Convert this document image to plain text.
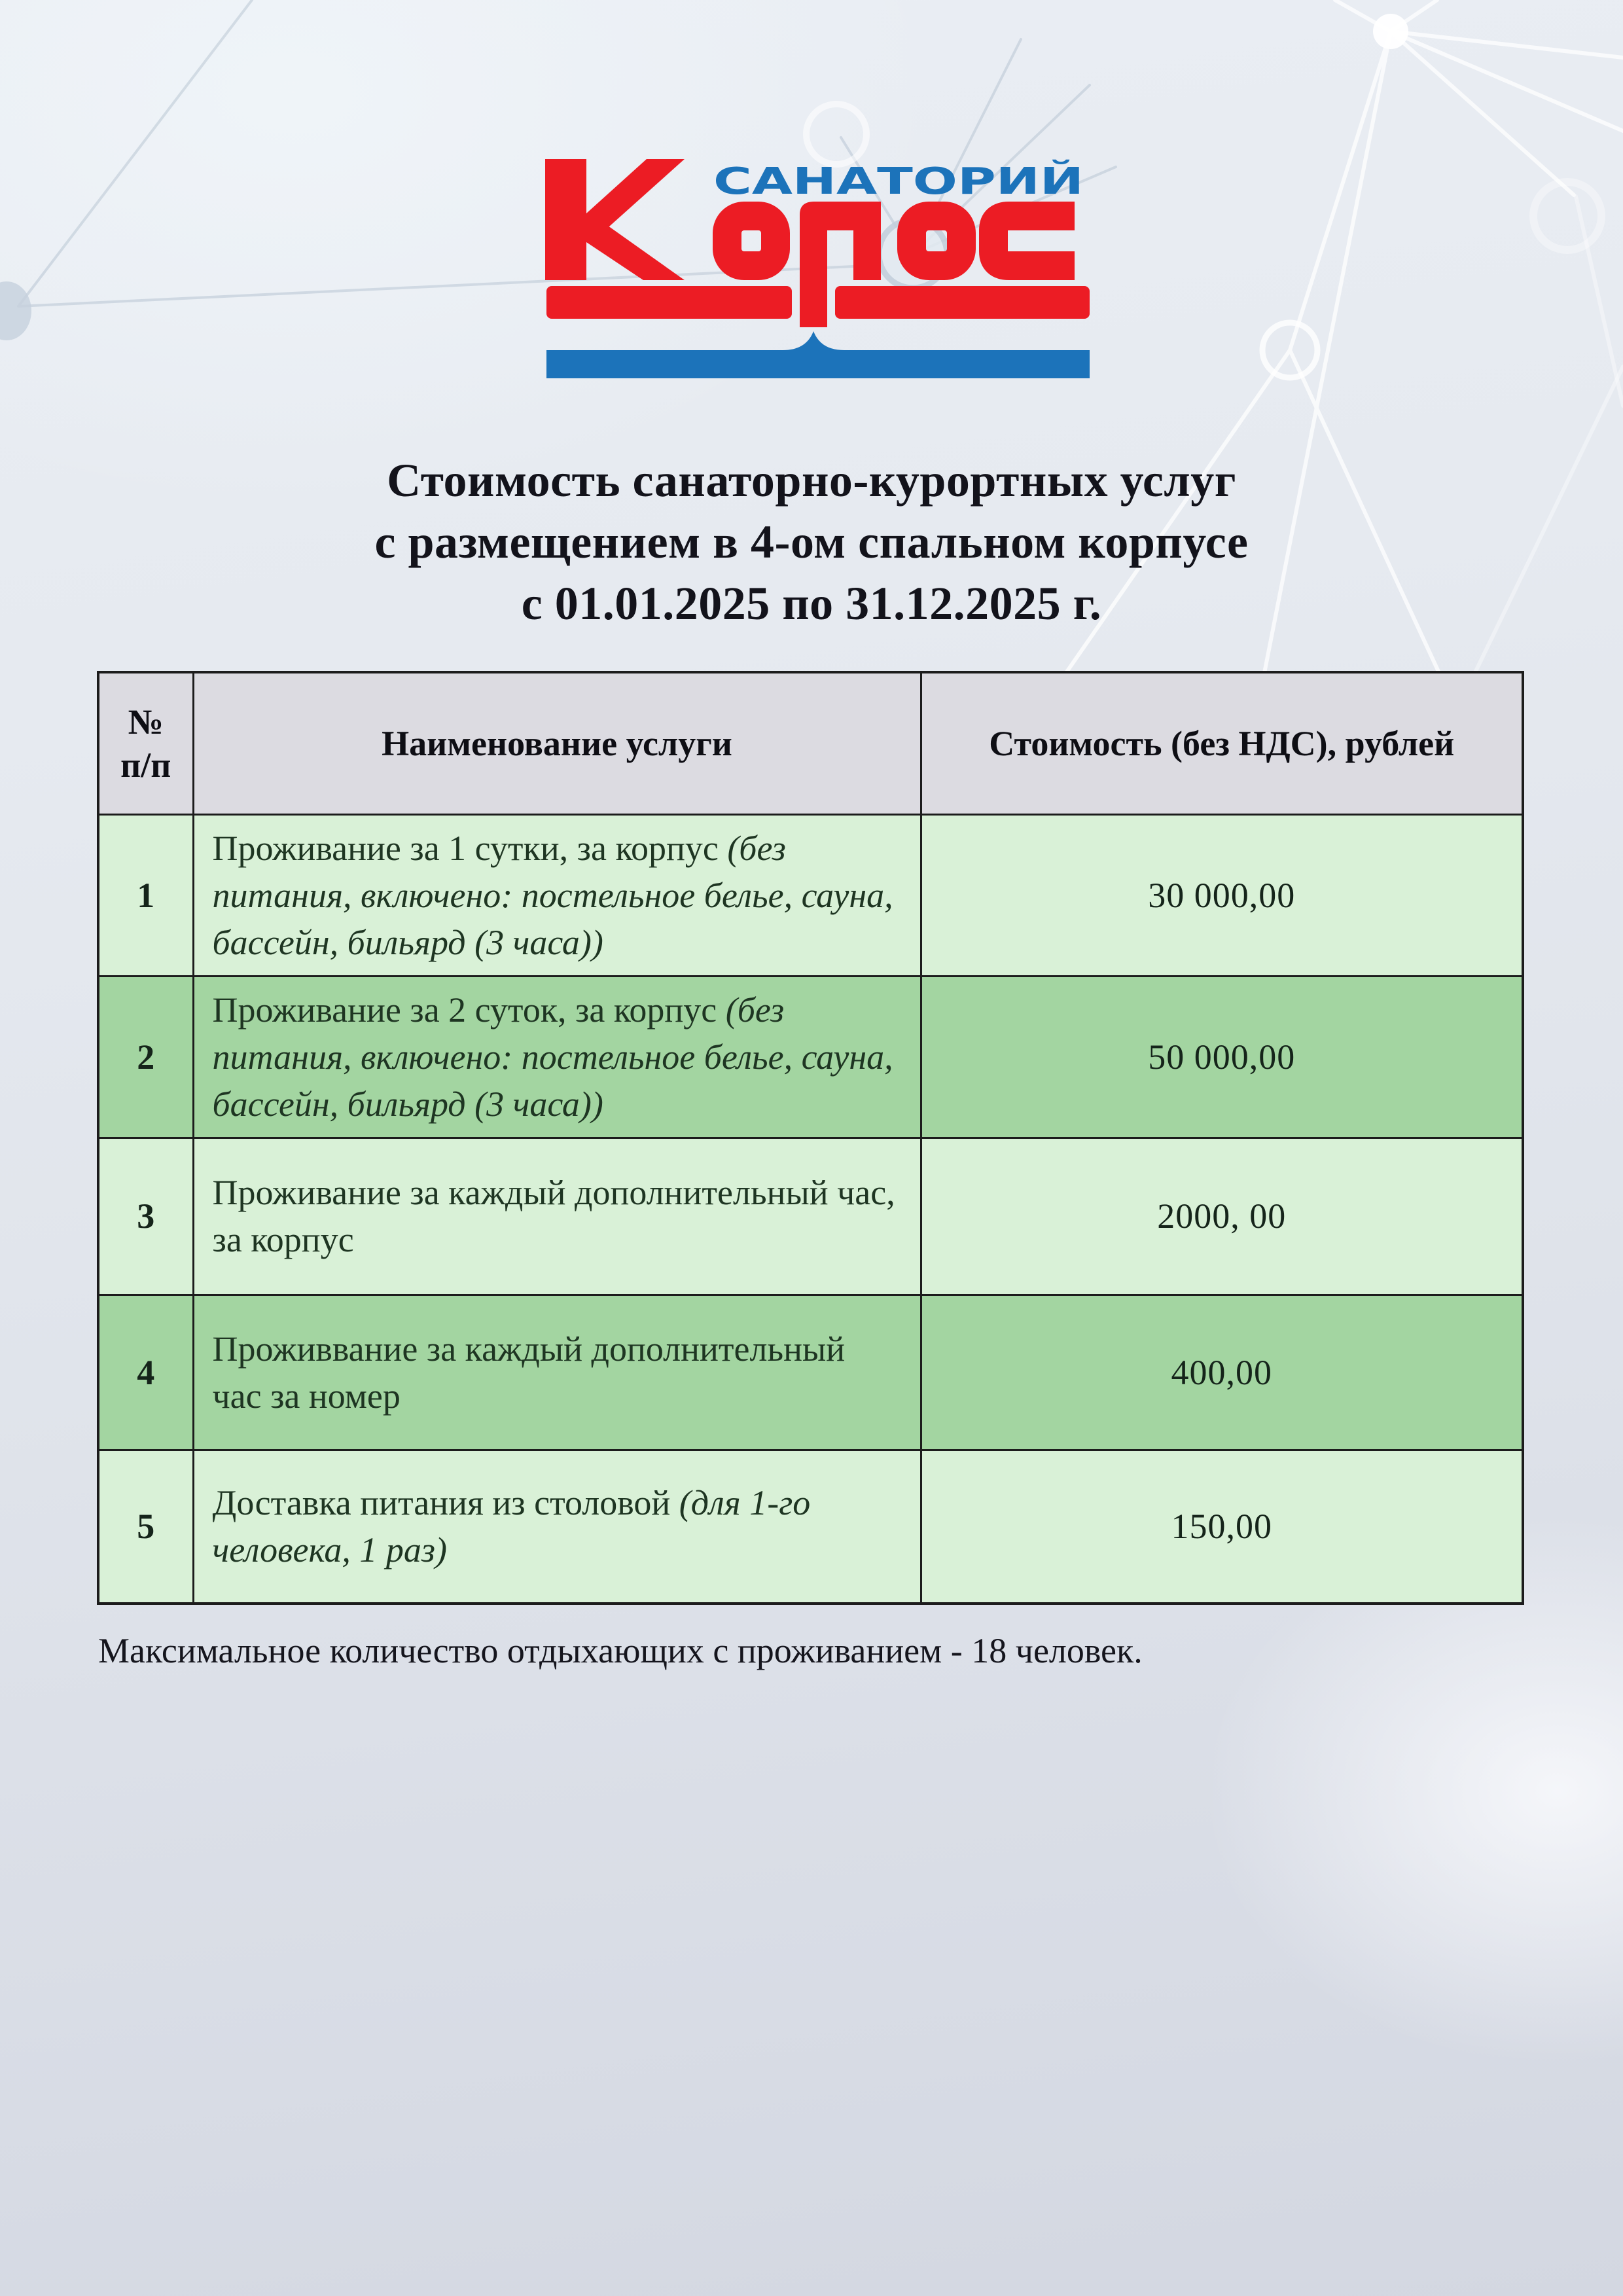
САНАТОРИЙ
Стоимость санаторно-курортных услуг
с размещением в 4-ом спальном корпусе
с 01.01.2025 по 31.12.2025 г.
№
п/п	Наименование услуги	Стоимость (без НДС), рублей
1	Проживание за 1 сутки, за корпус (без питания, включено: постельное белье, сауна, бассейн, бильярд (3 часа))	30 000,00
2	Проживание за 2 суток, за корпус (без питания, включено: постельное белье, сауна, бассейн, бильярд (3 часа))	50 000,00
3	Проживание за каждый дополнительный час, за корпус	2000, 00
4	Проживвание за каждый дополнительный час за номер	400,00
5	Доставка питания из столовой (для 1-го человека, 1 раз)	150,00
Максимальное количество отдыхающих с проживанием - 18 человек.
